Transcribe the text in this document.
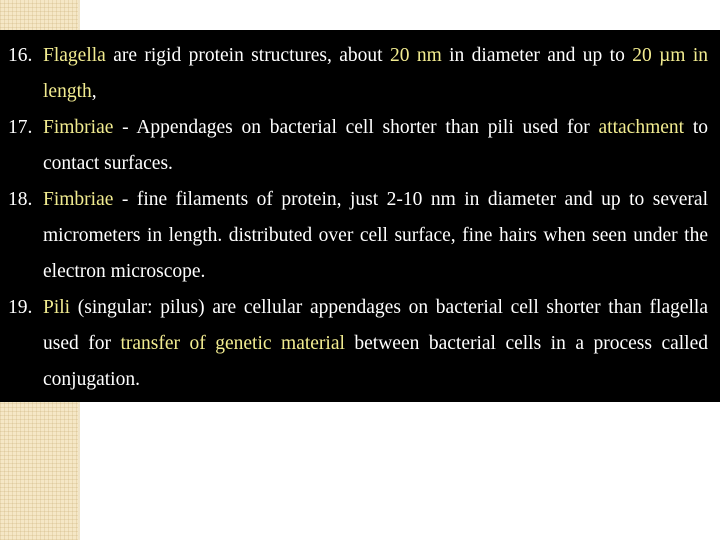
16. Flagella are rigid protein structures, about 20 nm in diameter and up to 20 µm in length,
17. Fimbriae - Appendages on bacterial cell shorter than pili used for attachment to contact surfaces.
18. Fimbriae - fine filaments of protein, just 2-10 nm in diameter and up to several micrometers in length. distributed over cell surface, fine hairs when seen under the electron microscope.
19. Pili (singular: pilus) are cellular appendages on bacterial cell shorter than flagella used for transfer of genetic material between bacterial cells in a process called conjugation.
